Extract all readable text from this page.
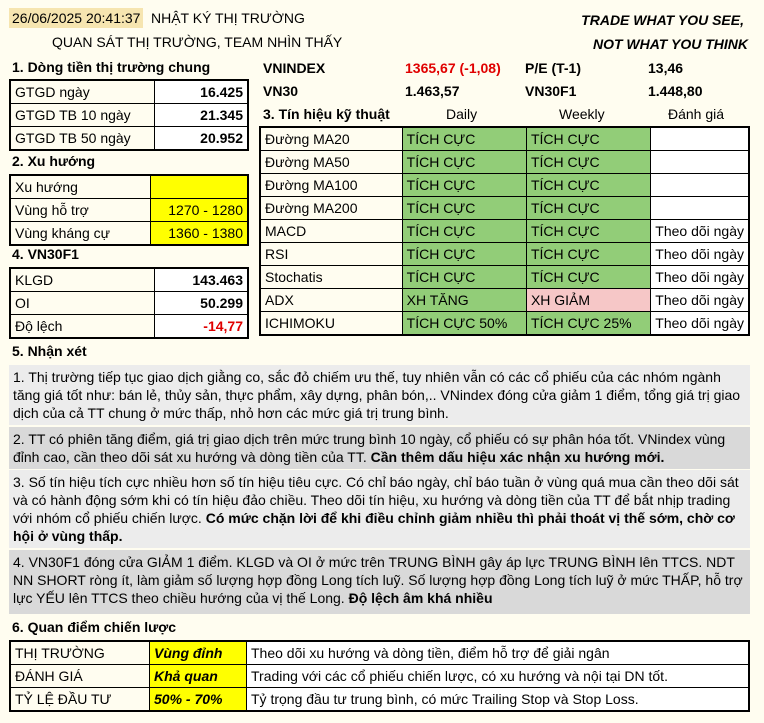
26/06/2025 20:41:37 NHẬT KÝ THỊ TRƯỜNG
QUAN SÁT THỊ TRƯỜNG, TEAM NHÌN THẤY
TRADE WHAT YOU SEE,
NOT WHAT YOU THINK
VNINDEX	1365,67 (-1,08) P/E (T-1)	13,46
VN30	1.463,57	VN30F1	1.448,80
1. Dòng tiền thị trường chung
GTGD ngày	16.425
GTGD TB 10 ngày	21.345
GTGD TB 50 ngày	20.952
2. Xu hướng
Xu hướng	
Vùng hỗ trợ	1270 - 1280
Vùng kháng cự	1360 - 1380
4. VN30F1
KLGD	143.463
OI	50.299
Độ lệch	-14,77
3. Tín hiệu kỹ thuật	Daily	Weekly	Đánh giá
Đường MA20	TÍCH CỰC	TÍCH CỰC	
Đường MA50	TÍCH CỰC	TÍCH CỰC	
Đường MA100	TÍCH CỰC	TÍCH CỰC	
Đường MA200	TÍCH CỰC	TÍCH CỰC	
MACD	TÍCH CỰC	TÍCH CỰC	Theo dõi ngày
RSI	TÍCH CỰC	TÍCH CỰC	Theo dõi ngày
Stochatis	TÍCH CỰC	TÍCH CỰC	Theo dõi ngày
ADX	XH TĂNG	XH GIẢM	Theo dõi ngày
ICHIMOKU	TÍCH CỰC 50%	TÍCH CỰC 25%	Theo dõi ngày
5. Nhận xét
1. Thị trường tiếp tục giao dịch giằng co, sắc đỏ chiếm ưu thế, tuy nhiên vẫn có các cổ phiếu của các nhóm ngành tăng giá tốt như: bán lẻ, thủy sản, thực phẩm, xây dựng, phân bón,.. VNindex đóng cửa giảm 1 điểm, tổng giá trị giao dịch của cả TT chung ở mức thấp, nhỏ hơn các mức giá trị trung bình.
2. TT có phiên tăng điểm, giá trị giao dịch trên mức trung bình 10 ngày, cổ phiếu có sự phân hóa tốt. VNindex vùng đỉnh cao, cần theo dõi sát xu hướng và dòng tiền của TT. Cần thêm dấu hiệu xác nhận xu hướng mới.
3. Số tín hiệu tích cực nhiều hơn số tín hiệu tiêu cực. Có chỉ báo ngày, chỉ báo tuần ở vùng quá mua cần theo dõi sát và có hành động sớm khi có tín hiệu đảo chiều. Theo dõi tín hiệu, xu hướng và dòng tiền của TT để bắt nhịp trading với nhóm cổ phiếu chiến lược. Có mức chặn lời để khi điều chỉnh giảm nhiều thì phải thoát vị thế sớm, chờ cơ hội ở vùng thấp.
4. VN30F1 đóng cửa GIẢM 1 điểm. KLGD và OI ở mức trên TRUNG BÌNH gây áp lực TRUNG BÌNH lên TTCS. NDT NN SHORT ròng ít, làm giảm số lượng hợp đồng Long tích luỹ. Số lượng hợp đồng Long tích luỹ ở mức THẤP, hỗ trợ lực YẾU lên TTCS theo chiều hướng của vị thế Long. Độ lệch âm khá nhiều
6. Quan điểm chiến lược
THỊ TRƯỜNG	Vùng đỉnh	Theo dõi xu hướng và dòng tiền, điểm hỗ trợ để giải ngân
ĐÁNH GIÁ	Khả quan	Trading với các cổ phiếu chiến lược, có xu hướng và nội tại DN tốt.
TỶ LỆ ĐẦU TƯ	50% - 70%	Tỷ trọng đầu tư trung bình, có mức Trailing Stop và Stop Loss.
